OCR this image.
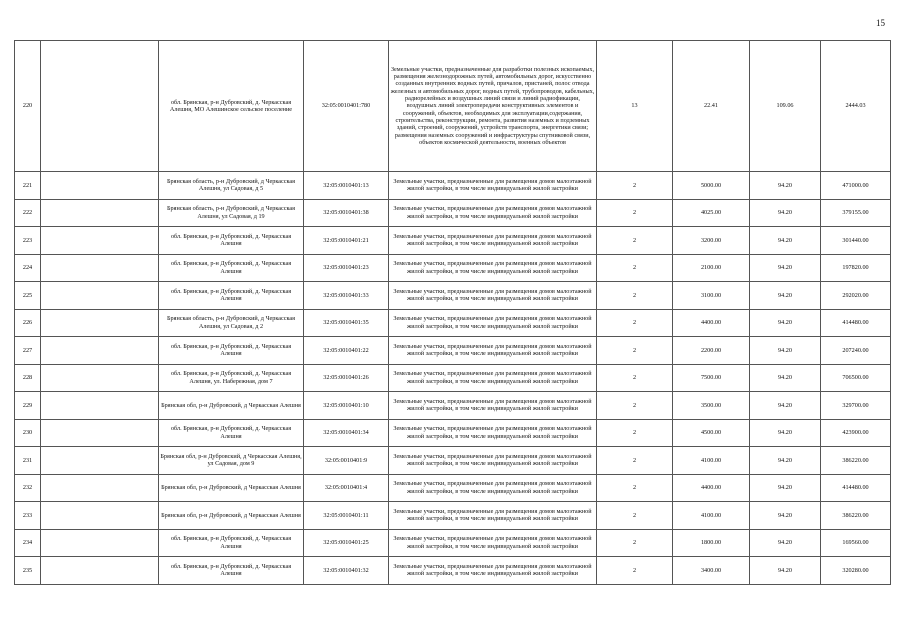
15
220		обл. Брянская, р-н Дубровский, д. Черкасская Алешня, МО Алешинское сельское поселение	32:05:0010401:780	Земельные участки, предназначенные для разработки полезных ископаемых, размещения железнодорожных путей, автомобильных дорог, искусственно созданных внутренних водных путей, причалов, пристаней, полос отвода железных и автомобильных дорог, водных путей, трубопроводов, кабельных, радиорелейных и воздушных линий связи и линий радиофикации, воздушных линий электропередачи конструктивных элементов и сооружений, объектов, необходимых для эксплуатации,содержания, строительства, реконструкции, ремонта, развития наземных и подземных зданий, строений, сооружений, устройств транспорта, энергетики связи; размещения наземных сооружений и инфраструктуры спутниковой связи, объектов космической деятельности, военных объектов	13	22.41	109.06	2444.03
221		Брянская область, р-н Дубровский, д Черкасская Алешня, ул Садовая, д 5	32:05:0010401:13	Земельные участки, предназначенные для размещения домов малоэтажной жилой застройки, в том числе индивидуальной жилой застройки	2	5000.00	94.20	471000.00
222		Брянская область, р-н Дубровский, д Черкасская Алешня, ул Садовая, д 19	32:05:0010401:38	Земельные участки, предназначенные для размещения домов малоэтажной жилой застройки, в том числе индивидуальной жилой застройки	2	4025.00	94.20	379155.00
223		обл. Брянская, р-н Дубровский, д. Черкасская Алешня	32:05:0010401:21	Земельные участки, предназначенные для размещения домов малоэтажной жилой застройки, в том числе индивидуальной жилой застройки	2	3200.00	94.20	301440.00
224		обл. Брянская, р-н Дубровский, д. Черкасская Алешня	32:05:0010401:23	Земельные участки, предназначенные для размещения домов малоэтажной жилой застройки, в том числе индивидуальной жилой застройки	2	2100.00	94.20	197820.00
225		обл. Брянская, р-н Дубровский, д. Черкасская Алешня	32:05:0010401:33	Земельные участки, предназначенные для размещения домов малоэтажной жилой застройки, в том числе индивидуальной жилой застройки	2	3100.00	94.20	292020.00
226		Брянская область, р-н Дубровский, д Черкасская Алешня, ул Садовая, д 2	32:05:0010401:35	Земельные участки, предназначенные для размещения домов малоэтажной жилой застройки, в том числе индивидуальной жилой застройки	2	4400.00	94.20	414480.00
227		обл. Брянская, р-н Дубровский, д. Черкасская Алешня	32:05:0010401:22	Земельные участки, предназначенные для размещения домов малоэтажной жилой застройки, в том числе индивидуальной жилой застройки	2	2200.00	94.20	207240.00
228		обл. Брянская, р-н Дубровский, д. Черкасская Алешня, ул. Набережная, дом 7	32:05:0010401:26	Земельные участки, предназначенные для размещения домов малоэтажной жилой застройки, в том числе индивидуальной жилой застройки	2	7500.00	94.20	706500.00
229		Брянская обл, р-н Дубровский, д Черкасская Алешня	32:05:0010401:10	Земельные участки, предназначенные для размещения домов малоэтажной жилой застройки, в том числе индивидуальной жилой застройки	2	3500.00	94.20	329700.00
230		обл. Брянская, р-н Дубровский, д. Черкасская Алешня	32:05:0010401:34	Земельные участки, предназначенные для размещения домов малоэтажной жилой застройки, в том числе индивидуальной жилой застройки	2	4500.00	94.20	423900.00
231		Брянская обл, р-н Дубровский, д Черкасская Алешня, ул Садовая, дом 9	32:05:0010401:9	Земельные участки, предназначенные для размещения домов малоэтажной жилой застройки, в том числе индивидуальной жилой застройки	2	4100.00	94.20	386220.00
232		Брянская обл, р-н Дубровский, д Черкасская Алешня	32:05:0010401:4	Земельные участки, предназначенные для размещения домов малоэтажной жилой застройки, в том числе индивидуальной жилой застройки	2	4400.00	94.20	414480.00
233		Брянская обл, р-н Дубровский, д Черкасская Алешня	32:05:0010401:11	Земельные участки, предназначенные для размещения домов малоэтажной жилой застройки, в том числе индивидуальной жилой застройки	2	4100.00	94.20	386220.00
234		обл. Брянская, р-н Дубровский, д. Черкасская Алешня	32:05:0010401:25	Земельные участки, предназначенные для размещения домов малоэтажной жилой застройки, в том числе индивидуальной жилой застройки	2	1800.00	94.20	169560.00
235		обл. Брянская, р-н Дубровский, д. Черкасская Алешня	32:05:0010401:32	Земельные участки, предназначенные для размещения домов малоэтажной жилой застройки, в том числе индивидуальной жилой застройки	2	3400.00	94.20	320280.00
